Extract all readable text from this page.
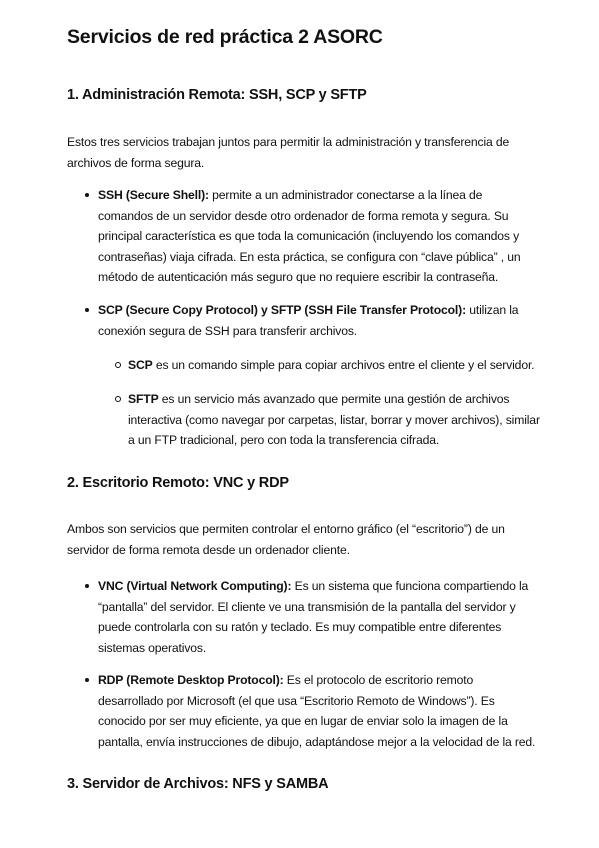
Servicios de red práctica 2 ASORC
1. Administración Remota: SSH, SCP y SFTP

Estos tres servicios trabajan juntos para permitir la administración y transferencia de archivos de forma segura.

SSH (Secure Shell): permite a un administrador conectarse a la línea de comandos de un servidor desde otro ordenador de forma remota y segura. Su principal característica es que toda la comunicación (incluyendo los comandos y contraseñas) viaja cifrada. En esta práctica, se configura con “clave pública” , un método de autenticación más seguro que no requiere escribir la contraseña.
SCP (Secure Copy Protocol) y SFTP (SSH File Transfer Protocol): utilizan la conexión segura de SSH para transferir archivos.
SCP es un comando simple para copiar archivos entre el cliente y el servidor.
SFTP es un servicio más avanzado que permite una gestión de archivos interactiva (como navegar por carpetas, listar, borrar y mover archivos), similar a un FTP tradicional, pero con toda la transferencia cifrada.
2. Escritorio Remoto: VNC y RDP

Ambos son servicios que permiten controlar el entorno gráfico (el “escritorio”) de un servidor de forma remota desde un ordenador cliente.

VNC (Virtual Network Computing): Es un sistema que funciona compartiendo la “pantalla” del servidor. El cliente ve una transmisión de la pantalla del servidor y puede controlarla con su ratón y teclado. Es muy compatible entre diferentes sistemas operativos.
RDP (Remote Desktop Protocol): Es el protocolo de escritorio remoto desarrollado por Microsoft (el que usa “Escritorio Remoto de Windows”). Es conocido por ser muy eficiente, ya que en lugar de enviar solo la imagen de la pantalla, envía instrucciones de dibujo, adaptándose mejor a la velocidad de la red.
3. Servidor de Archivos: NFS y SAMBA
